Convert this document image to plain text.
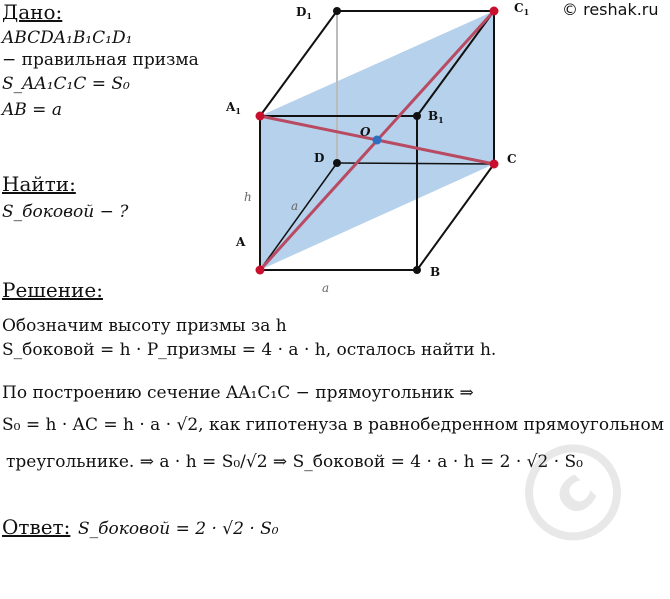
© reshak.ru
Дано:
ABCDA₁B₁C₁D₁
− правильная призма
S_AA₁C₁C = S₀
AB = a
Найти:
S_боковой − ?
Решение:
Обозначим высоту призмы за h
S_боковой = h · P_призмы = 4 · a · h, осталось найти h.
По построению сечение AA₁C₁C − прямоугольник ⇒
S₀ = h · AC = h · a · √2, как гипотенуза в равнобедренном прямоугольном
треугольнике. ⇒ a · h = S₀/√2 ⇒ S_боковой = 4 · a · h = 2 · √2 · S₀
Ответ: S_боковой = 2 · √2 · S₀	c
$D_1$
$C_1$
$A_1$	$B_1$
A
B
C
D
O
h
a
a
